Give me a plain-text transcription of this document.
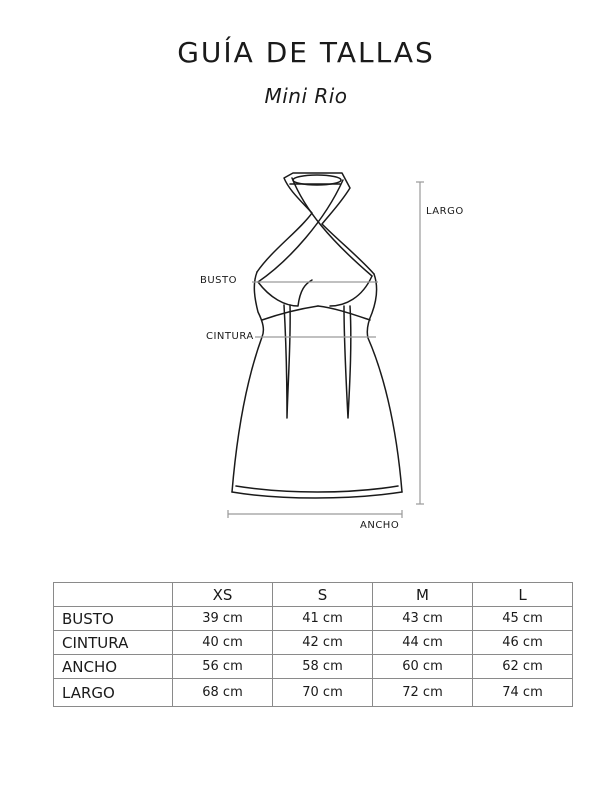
GUÍA DE TALLAS
Mini Rio
BUSTO
CINTURA
LARGO
ANCHO
	XS	S	M	L
BUSTO	39 cm	41 cm	43 cm	45 cm
CINTURA	40 cm	42 cm	44 cm	46 cm
ANCHO	56 cm	58 cm	60 cm	62 cm
LARGO	68 cm	70 cm	72 cm	74 cm
